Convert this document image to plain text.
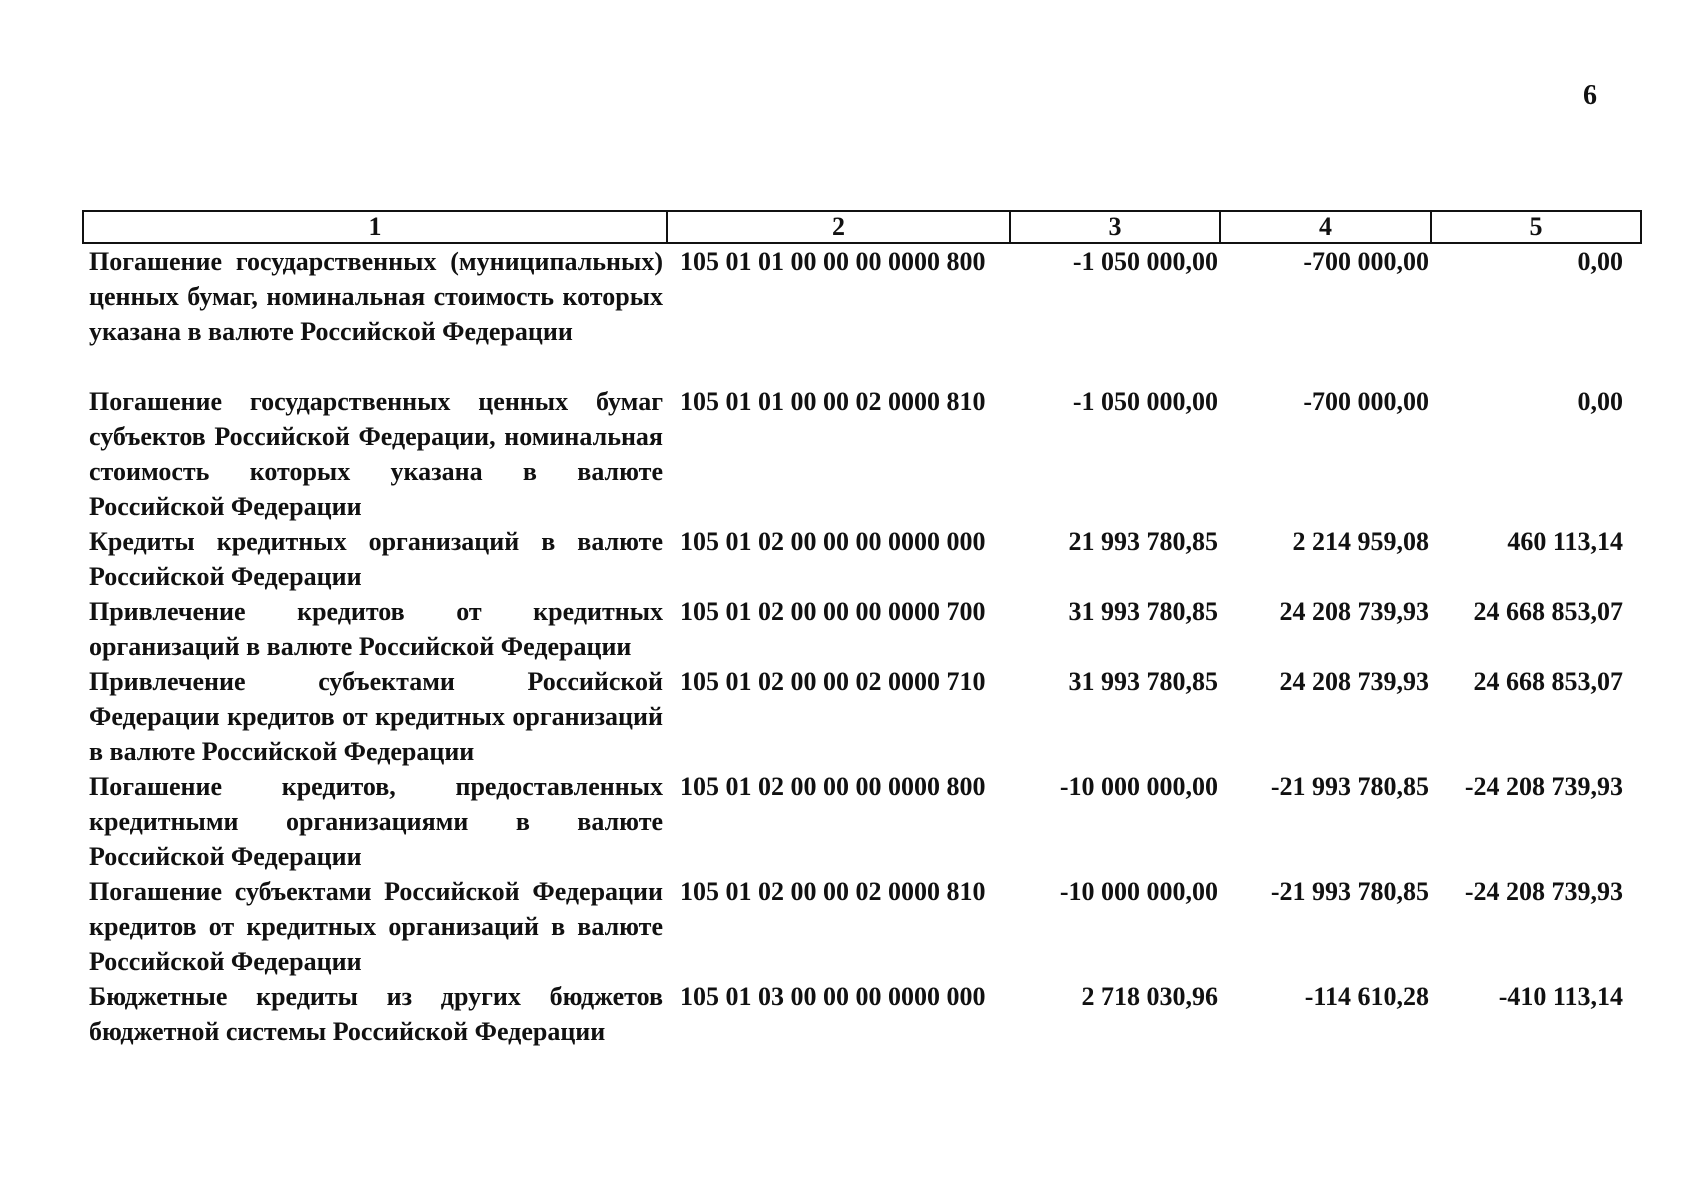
6
1	2	3	4	5
Погашение государственных (муниципальных) ценных бумаг, номинальная стоимость которых указана в валюте Российской Федерации	105 01 01 00 00 00 0000 800	-1 050 000,00	-700 000,00	0,00
Погашение государственных ценных бумаг субъектов Российской Федерации, номинальная стоимость которых указана в валюте Российской Федерации	105 01 01 00 00 02 0000 810	-1 050 000,00	-700 000,00	0,00
Кредиты кредитных организаций в валюте Российской Федерации	105 01 02 00 00 00 0000 000	21 993 780,85	2 214 959,08	460 113,14
Привлечение кредитов от кредитных организаций в валюте Российской Федерации	105 01 02 00 00 00 0000 700	31 993 780,85	24 208 739,93	24 668 853,07
Привлечение субъектами Российской Федерации кредитов от кредитных организаций в валюте Российской Федерации	105 01 02 00 00 02 0000 710	31 993 780,85	24 208 739,93	24 668 853,07
Погашение кредитов, предоставленных кредитными организациями в валюте Российской Федерации	105 01 02 00 00 00 0000 800	-10 000 000,00	-21 993 780,85	-24 208 739,93
Погашение субъектами Российской Федерации кредитов от кредитных организаций в валюте Российской Федерации	105 01 02 00 00 02 0000 810	-10 000 000,00	-21 993 780,85	-24 208 739,93
Бюджетные кредиты из других бюджетов бюджетной системы Российской Федерации	105 01 03 00 00 00 0000 000	2 718 030,96	-114 610,28	-410 113,14
